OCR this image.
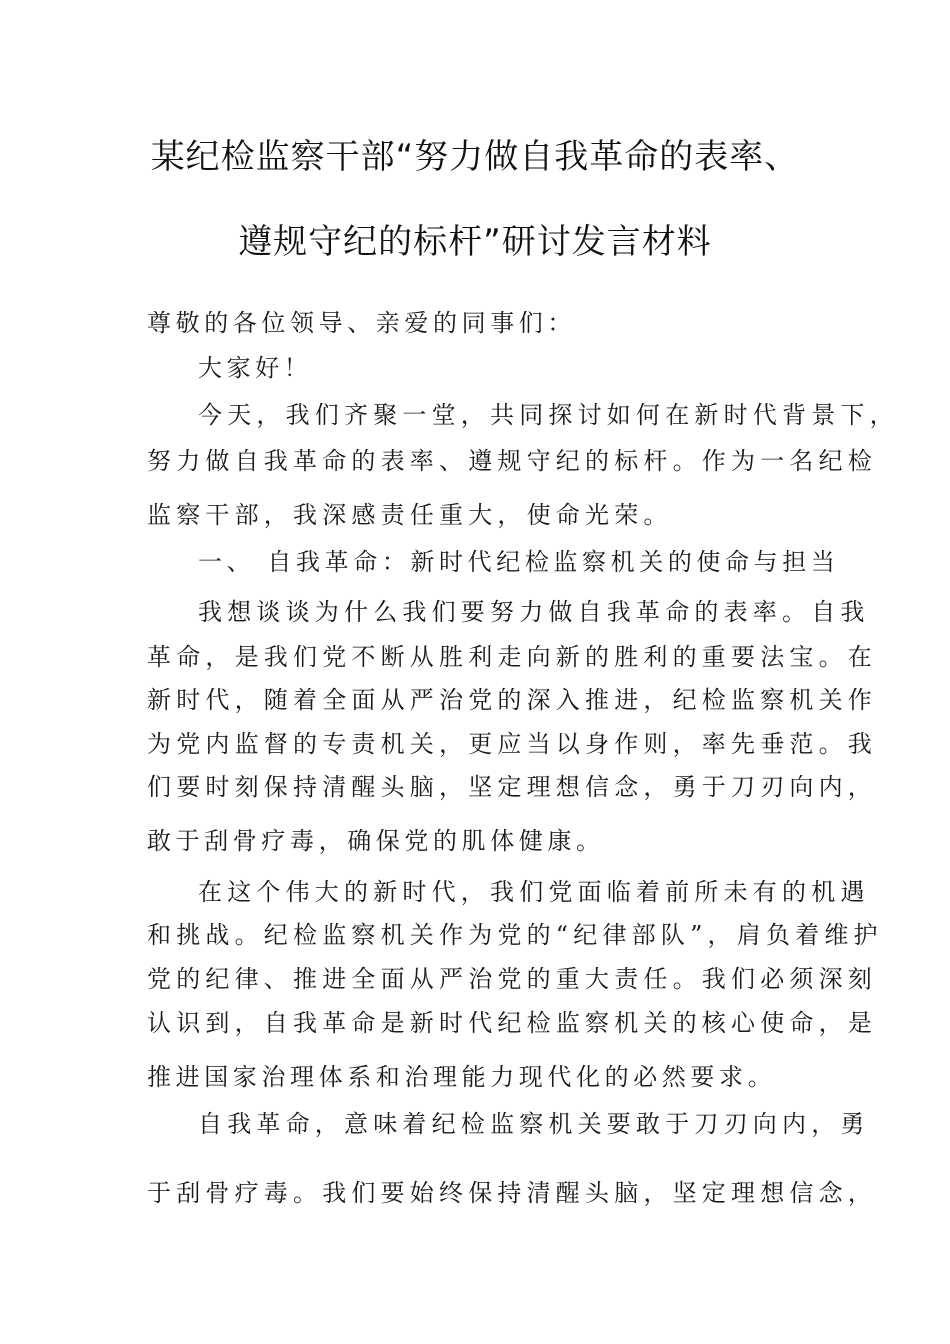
某纪检监察干部“努力做自我革命的表率、
遵规守纪的标杆”研讨发言材料
尊敬的各位领导、亲爱的同事们：
大家好！
今天，我们齐聚一堂，共同探讨如何在新时代背景下，
努力做自我革命的表率、遵规守纪的标杆。作为一名纪检
监察干部，我深感责任重大，使命光荣。
一、 自我革命：新时代纪检监察机关的使命与担当
我想谈谈为什么我们要努力做自我革命的表率。自我
革命，是我们党不断从胜利走向新的胜利的重要法宝。在
新时代，随着全面从严治党的深入推进，纪检监察机关作
为党内监督的专责机关，更应当以身作则，率先垂范。我
们要时刻保持清醒头脑，坚定理想信念，勇于刀刃向内，
敢于刮骨疗毒，确保党的肌体健康。
在这个伟大的新时代，我们党面临着前所未有的机遇
和挑战。纪检监察机关作为党的“纪律部队”，肩负着维护
党的纪律、推进全面从严治党的重大责任。我们必须深刻
认识到，自我革命是新时代纪检监察机关的核心使命，是
推进国家治理体系和治理能力现代化的必然要求。
自我革命，意味着纪检监察机关要敢于刀刃向内，勇
于刮骨疗毒。我们要始终保持清醒头脑，坚定理想信念，
